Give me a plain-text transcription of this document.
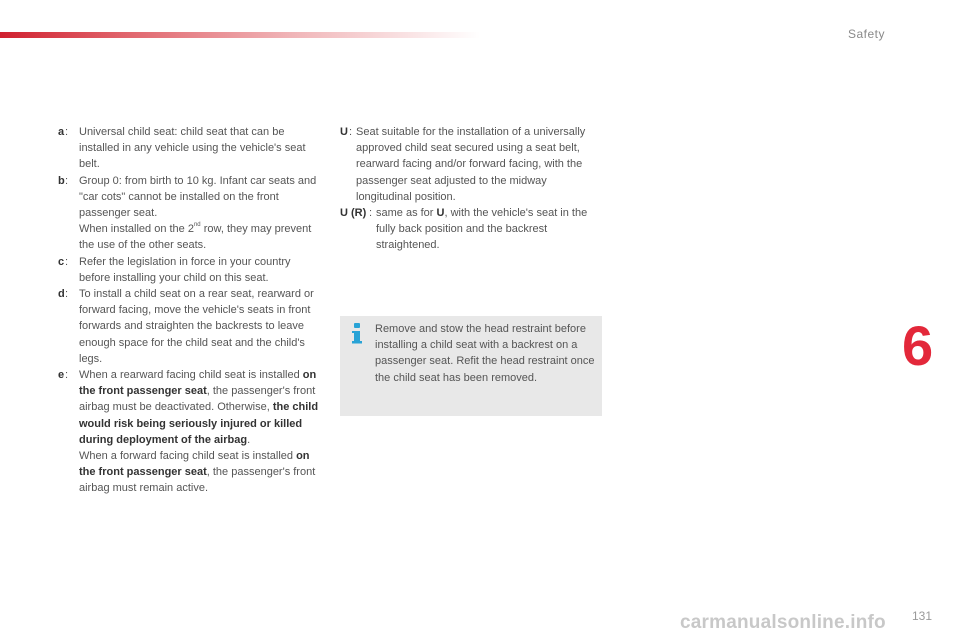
Safety
6
a : Universal child seat: child seat that can be installed in any vehicle using the vehicle's seat belt.
b : Group 0: from birth to 10 kg. Infant car seats and "car cots" cannot be installed on the front passenger seat.
When installed on the 2nd row, they may prevent the use of the other seats.
c : Refer the legislation in force in your country before installing your child on this seat.
d : To install a child seat on a rear seat, rearward or forward facing, move the vehicle's seats in front forwards and straighten the backrests to leave enough space for the child seat and the child's legs.
e : When a rearward facing child seat is installed on the front passenger seat, the passenger's front airbag must be deactivated. Otherwise, the child would risk being seriously injured or killed during deployment of the airbag.
When a forward facing child seat is installed on the front passenger seat, the passenger's front airbag must remain active.
U : Seat suitable for the installation of a universally approved child seat secured using a seat belt, rearward facing and/or forward facing, with the passenger seat adjusted to the midway longitudinal position.
U (R) : same as for U, with the vehicle's seat in the fully back position and the backrest straightened.
Remove and stow the head restraint before installing a child seat with a backrest on a passenger seat. Refit the head restraint once the child seat has been removed.
carmanualsonline.info 131
